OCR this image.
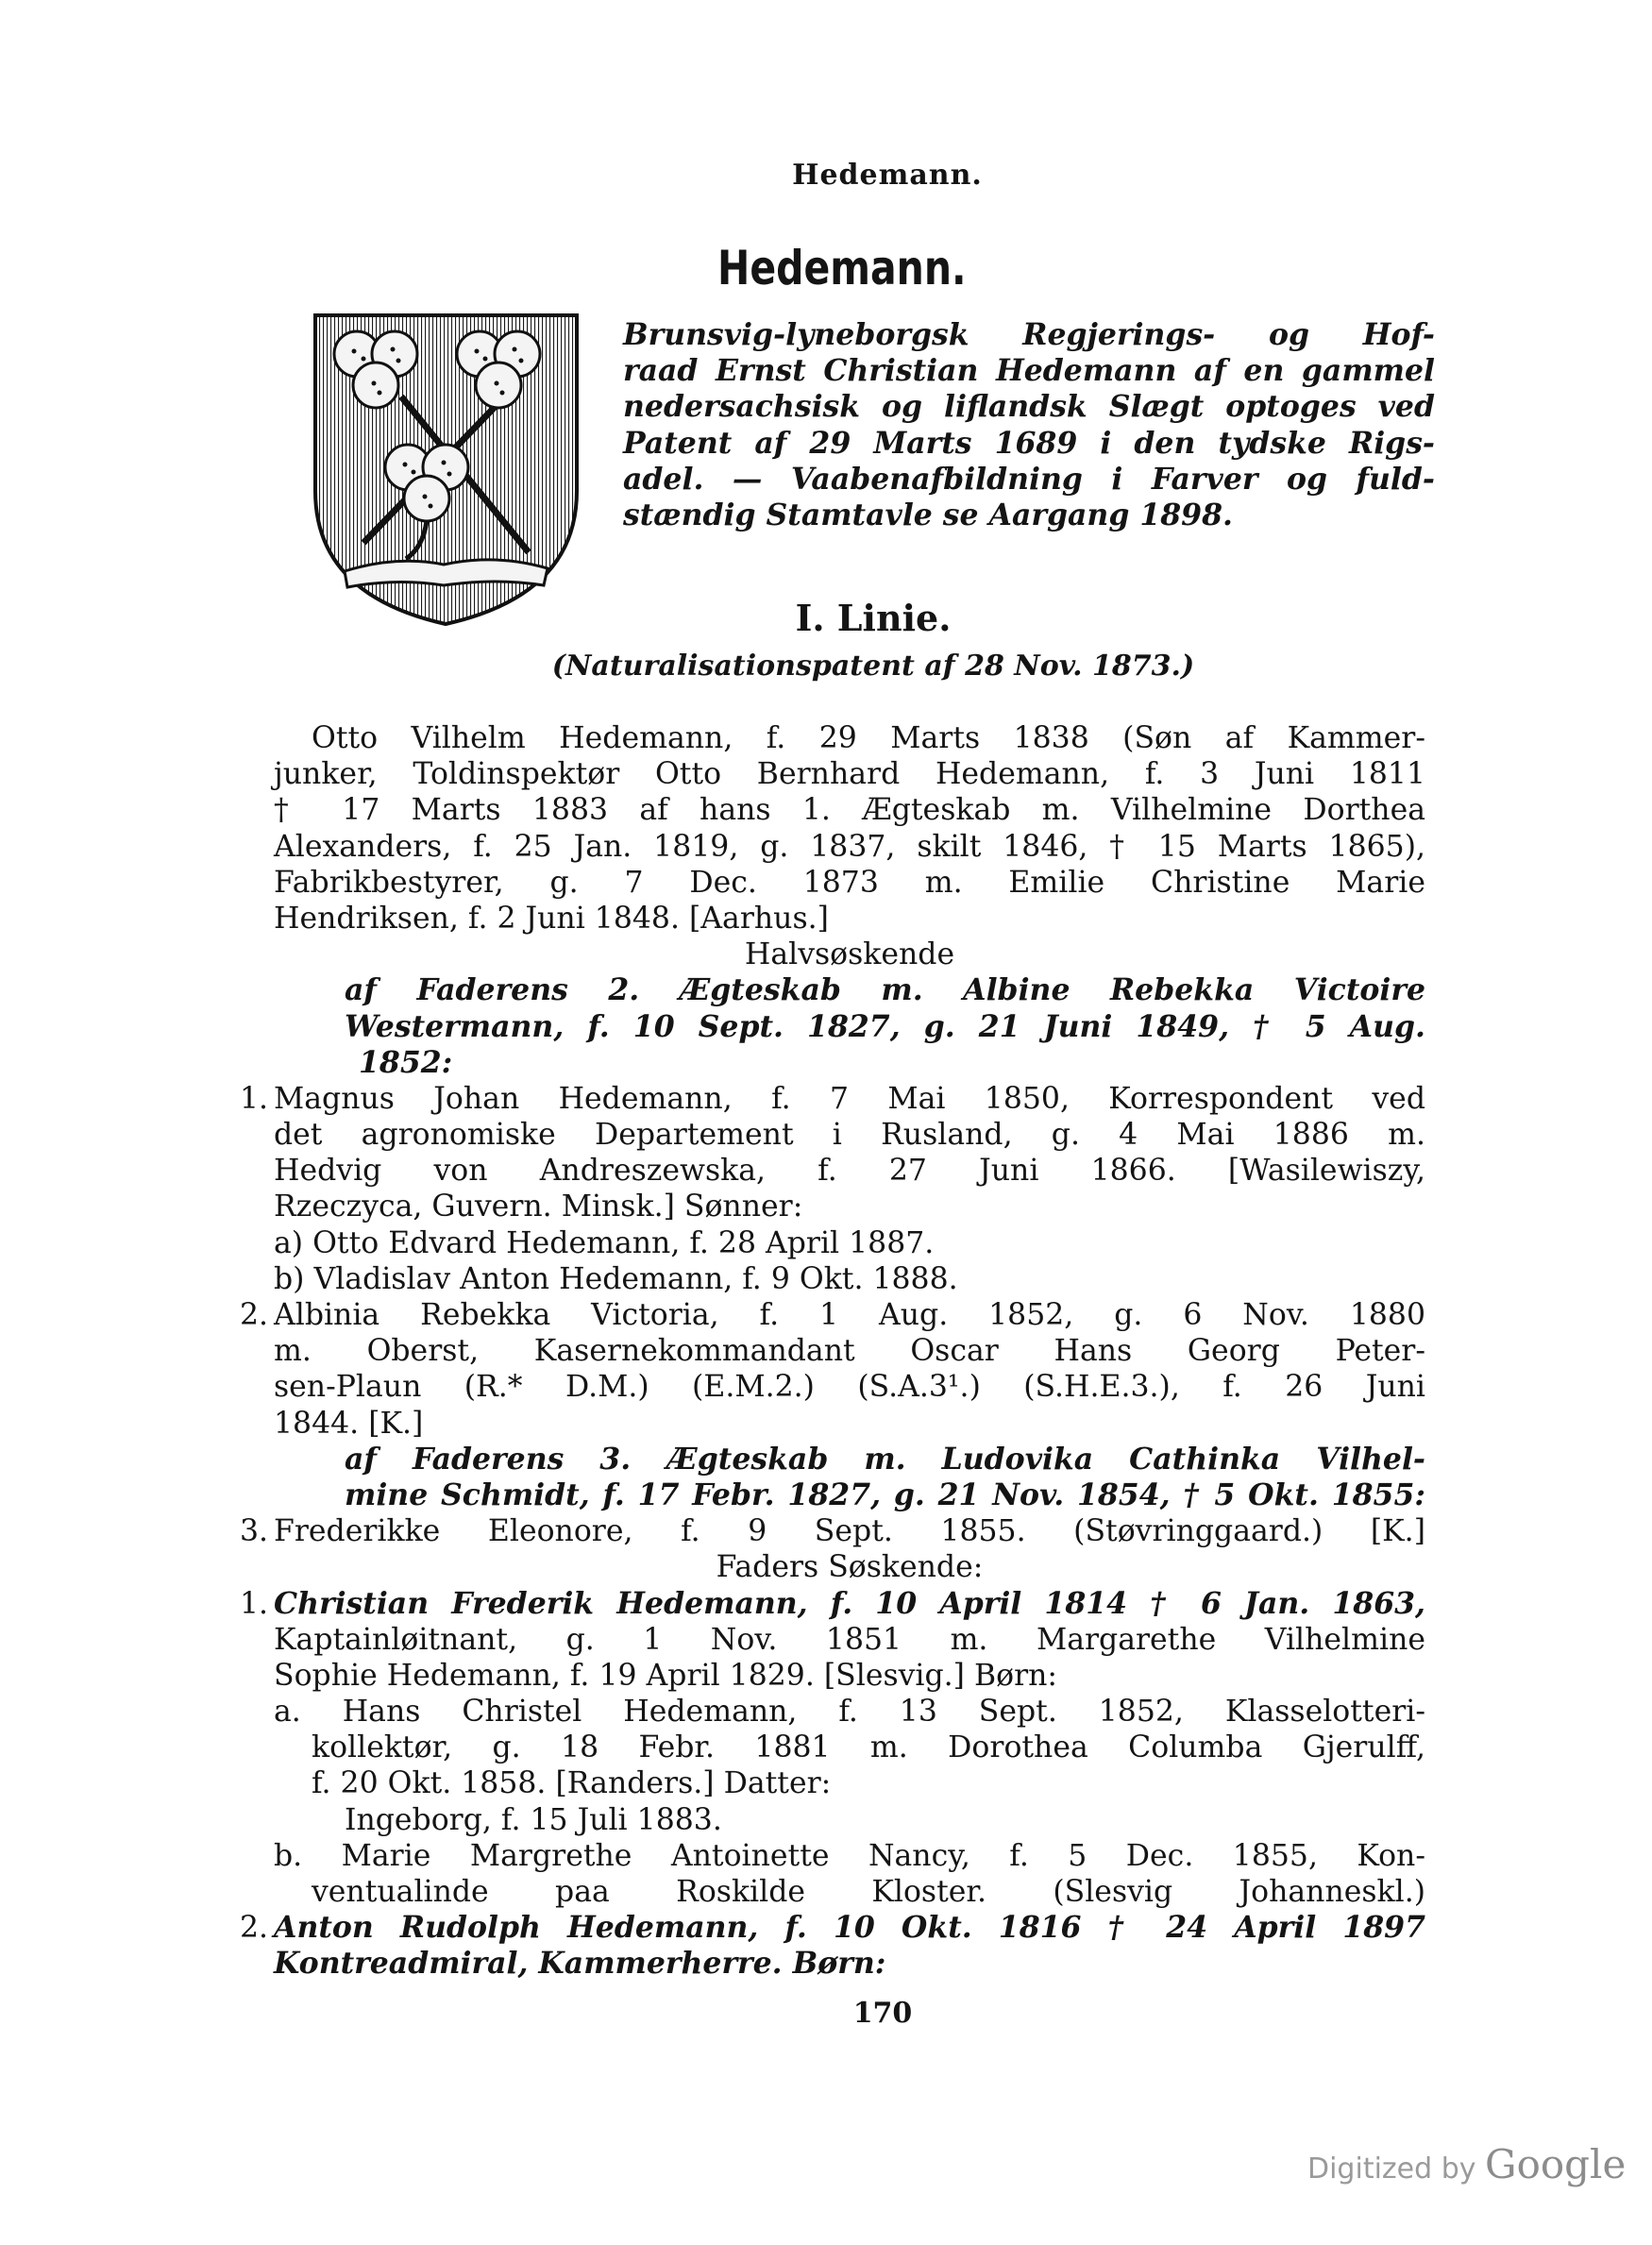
Hedemann.
Hedemann.

Brunsvig-lyneborgsk Regjerings- og Hof-

raad Ernst Christian Hedemann af en gammel

nedersachsisk og liflandsk Slægt optoges ved

Patent af 29 Marts 1689 i den tydske Rigs-

adel. — Vaabenafbildning i Farver og fuld-

stændig Stamtavle se Aargang 1898.

I. Linie.
(Naturalisationspatent af 28 Nov. 1873.)
Otto Vilhelm Hedemann, f. 29 Marts 1838 (Søn af Kammer-
junker, Toldinspektør Otto Bernhard Hedemann, f. 3 Juni 1811
† 17 Marts 1883 af hans 1. Ægteskab m. Vilhelmine Dorthea
Alexanders, f. 25 Jan. 1819, g. 1837, skilt 1846, † 15 Marts 1865),
Fabrikbestyrer, g. 7 Dec. 1873 m. Emilie Christine Marie
Hendriksen, f. 2 Juni 1848. [Aarhus.]
Halvsøskende
af Faderens 2. Ægteskab m. Albine Rebekka Victoire
Westermann, f. 10 Sept. 1827, g. 21 Juni 1849, † 5 Aug.
1852:
1. Magnus Johan Hedemann, f. 7 Mai 1850, Korrespondent ved
det agronomiske Departement i Rusland, g. 4 Mai 1886 m.
Hedvig von Andreszewska, f. 27 Juni 1866. [Wasilewiszy,
Rzeczyca, Guvern. Minsk.] Sønner:
a) Otto Edvard Hedemann, f. 28 April 1887.
b) Vladislav Anton Hedemann, f. 9 Okt. 1888.
2. Albinia Rebekka Victoria, f. 1 Aug. 1852, g. 6 Nov. 1880
m. Oberst, Kasernekommandant Oscar Hans Georg Peter-
sen-Plaun (R.* D.M.) (E.M.2.) (S.A.3¹.) (S.H.E.3.), f. 26 Juni
1844. [K.]
af Faderens 3. Ægteskab m. Ludovika Cathinka Vilhel-
mine Schmidt, f. 17 Febr. 1827, g. 21 Nov. 1854, † 5 Okt. 1855:
3. Frederikke Eleonore, f. 9 Sept. 1855. (Støvringgaard.) [K.]
Faders Søskende:
1. Christian Frederik Hedemann, f. 10 April 1814 † 6 Jan. 1863,
Kaptainløitnant, g. 1 Nov. 1851 m. Margarethe Vilhelmine
Sophie Hedemann, f. 19 April 1829. [Slesvig.] Børn:
a. Hans Christel Hedemann, f. 13 Sept. 1852, Klasselotteri-
kollektør, g. 18 Febr. 1881 m. Dorothea Columba Gjerulff,
f. 20 Okt. 1858. [Randers.] Datter:
Ingeborg, f. 15 Juli 1883.
b. Marie Margrethe Antoinette Nancy, f. 5 Dec. 1855, Kon-
ventualinde paa Roskilde Kloster. (Slesvig Johanneskl.)
2. Anton Rudolph Hedemann, f. 10 Okt. 1816 † 24 April 1897
Kontreadmiral, Kammerherre. Børn:
170
Digitized by Google
